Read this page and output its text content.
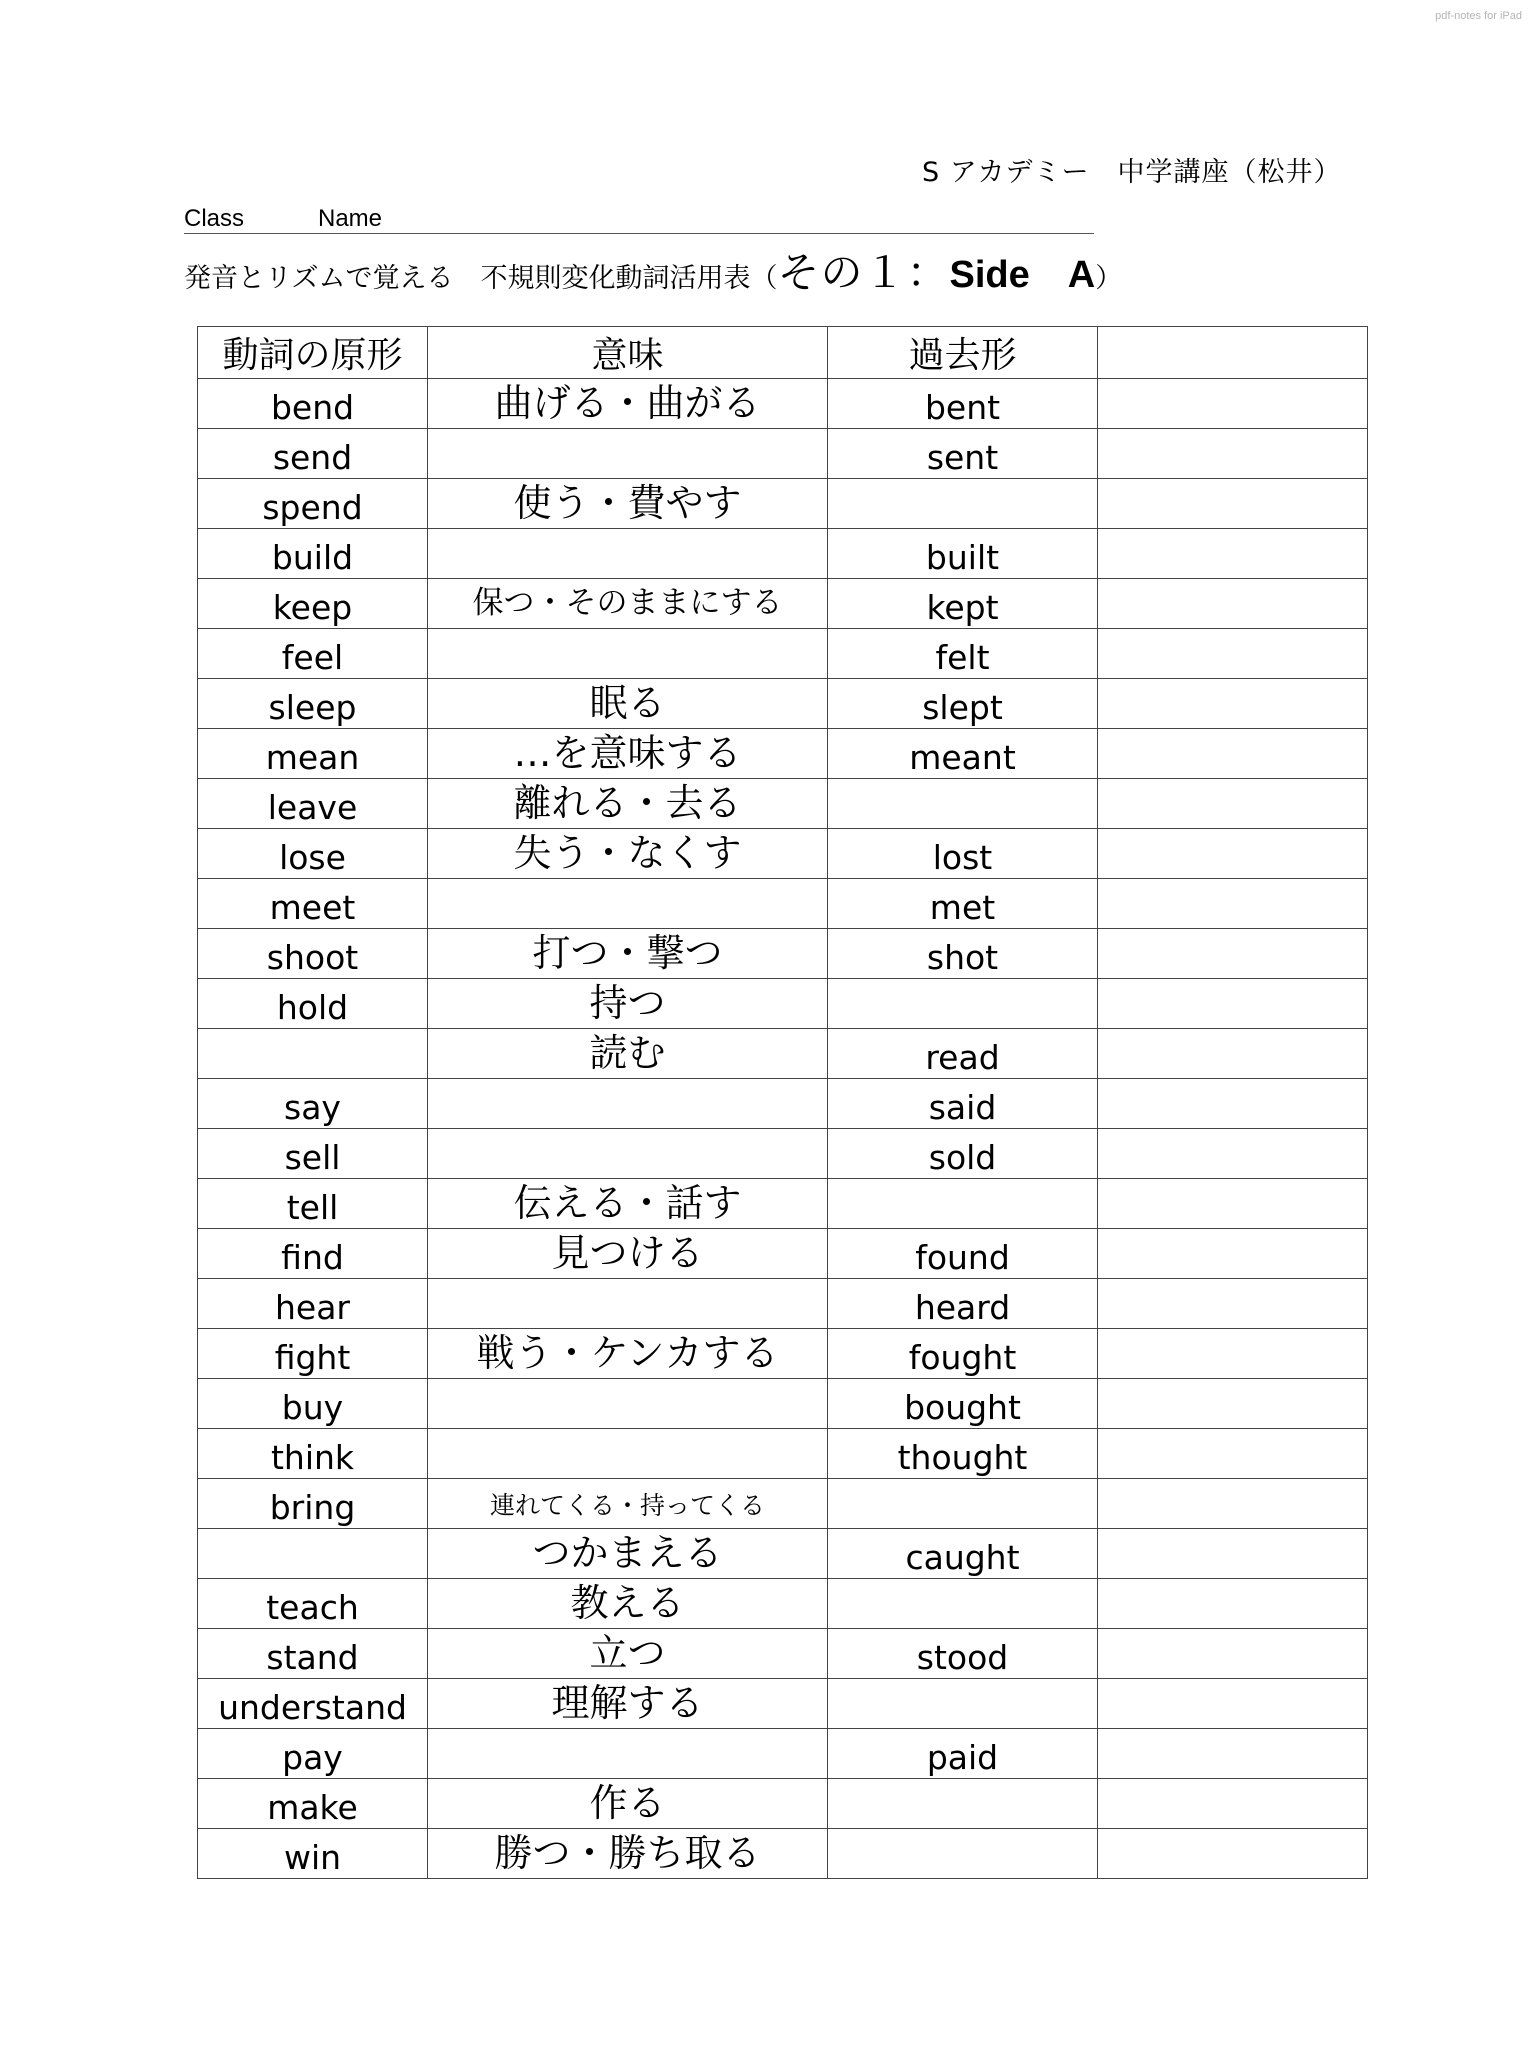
pdf-notes for iPad
S アカデミー　中学講座（松井）
Class	Name
発音とリズムで覚える　不規則変化動詞活用表（ その１： Side　A ）
動詞の原形	意味	過去形	

bend	曲げる・曲がる	bent	

send		sent	

spend	使う・費やす		

build		built	

keep	保つ・そのままにする	kept	

feel		felt	

sleep	眠る	slept	

mean	…を意味する	meant	

leave	離れる・去る		

lose	失う・なくす	lost	

meet		met	

shoot	打つ・撃つ	shot	

hold	持つ		

	読む	read	

say		said	

sell		sold	

tell	伝える・話す		

find	見つける	found	

hear		heard	

fight	戦う・ケンカする	fought	

buy		bought	

think		thought	

bring	連れてくる・持ってくる		

	つかまえる	caught	

teach	教える		

stand	立つ	stood	

understand	理解する		

pay		paid	

make	作る		

win	勝つ・勝ち取る		
